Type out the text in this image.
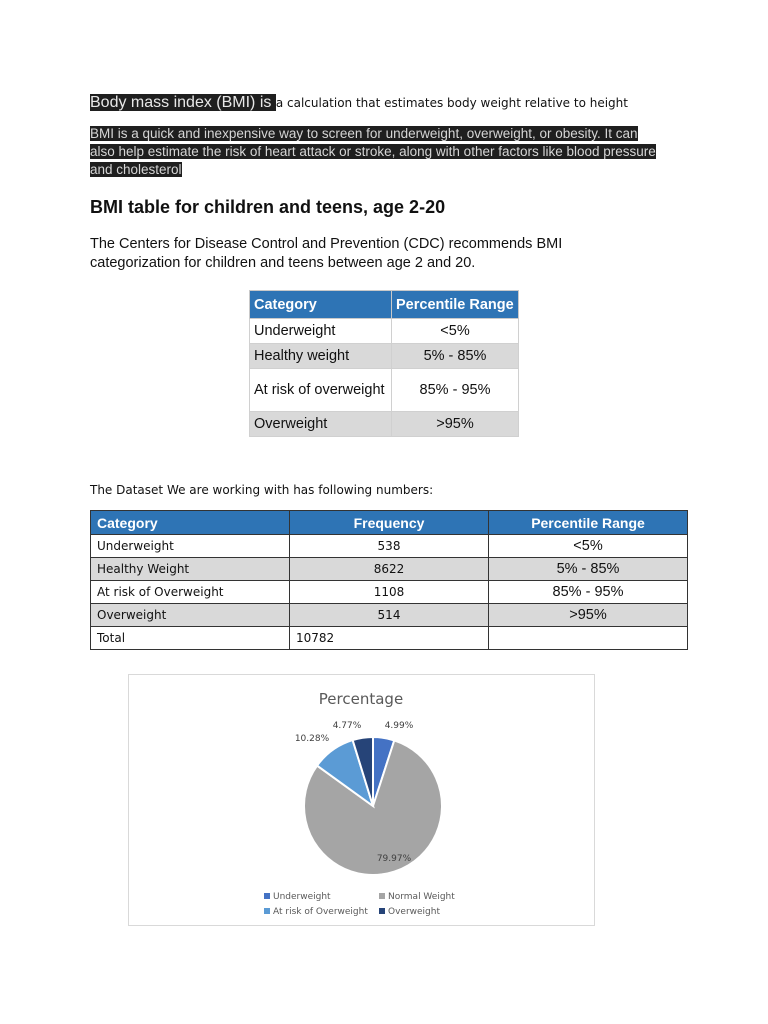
Body mass index (BMI) is a calculation that estimates body weight relative to height
BMI is a quick and inexpensive way to screen for underweight, overweight, or obesity. It can also help estimate the risk of heart attack or stroke, along with other factors like blood pressure and cholesterol
BMI table for children and teens, age 2-20
The Centers for Disease Control and Prevention (CDC) recommends BMI categorization for children and teens between age 2 and 20.
Category	Percentile Range
Underweight	<5%
Healthy weight	5% - 85%
At risk of overweight	85% - 95%
Overweight	>95%
The Dataset We are working with has following numbers:
Category	Frequency	Percentile Range
Underweight	538	<5%
Healthy Weight	8622	5% - 85%
At risk of Overweight	1108	85% - 95%
Overweight	514	>95%
Total	10782	
Percentage
4.99%
79.97%
10.28%
4.77%
Underweight	Normal Weight
At risk of Overweight Overweight
